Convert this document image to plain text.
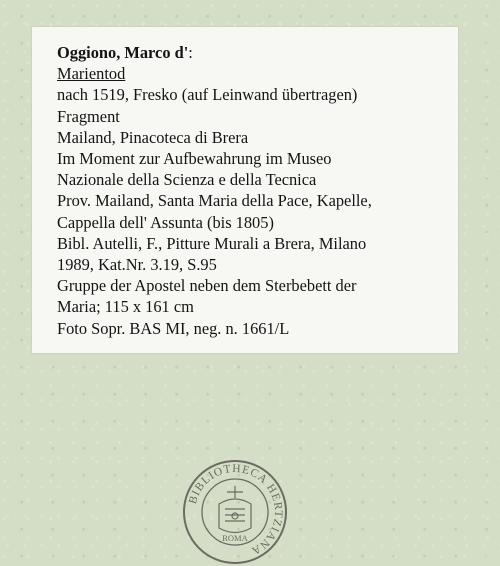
Oggiono, Marco d':
Marientod
nach 1519, Fresko (auf Leinwand übertragen)
Fragment
Mailand, Pinacoteca di Brera
Im Moment zur Aufbewahrung im Museo
Nazionale della Scienza e della Tecnica
Prov. Mailand, Santa Maria della Pace, Kapelle,
Cappella dell' Assunta (bis 1805)
Bibl. Autelli, F., Pitture Murali a Brera, Milano
1989, Kat.Nr. 3.19, S.95
Gruppe der Apostel neben dem Sterbebett der
Maria; 115 x 161 cm
Foto Sopr. BAS MI, neg. n. 1661/L
BIBLIOTHECA HERTZIANA
ROMA
